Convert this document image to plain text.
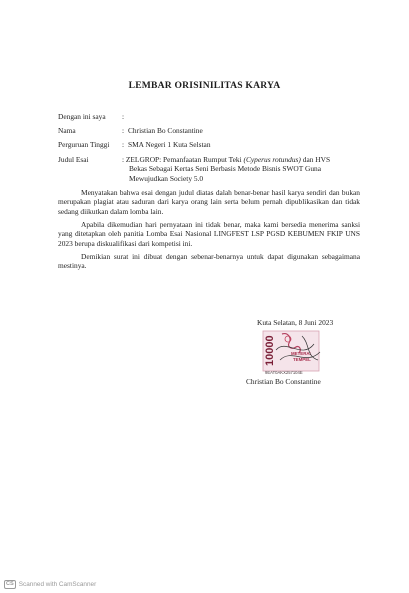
LEMBAR ORISINILITAS KARYA
Dengan ini saya :
Nama	: Christian Bo Constantine
Perguruan Tinggi : SMA Negeri 1 Kuta Selstan
Judul Esai	: ZELGROP: Pemanfaatan Rumput Teki (Cyperus rotundus) dan HVS
Bekas Sebagai Kertas Seni Berbasis Metode Bisnis SWOT Guna
Mewujudkan Society 5.0
Menyatakan bahwa esai dengan judul diatas dalah benar-benar hasil karya sendiri dan bukan merupakan plagiat atau saduran dari karya orang lain serta belum pernah dipublikasikan dan tidak sedang diikutkan dalam lomba lain.
Apabila dikemudian hari pernyataan ini tidak benar, maka kami bersedia menerima sanksi yang ditetapkan oleh panitia Lomba Esai Nasional LINGFEST LSP PGSD KEBUMEN FKIP UNS 2023 berupa diskualifikasi dari kompetisi ini.
Demikian surat ini dibuat dengan sebenar-benarnya untuk dapat digunakan sebagaimana mestinya.
Kuta Selatan, 8 Juni 2023
10000	METERAI
TEMPEL
9EAT0AKX257104E
Christian Bo Constantine
CS Scanned with CamScanner
